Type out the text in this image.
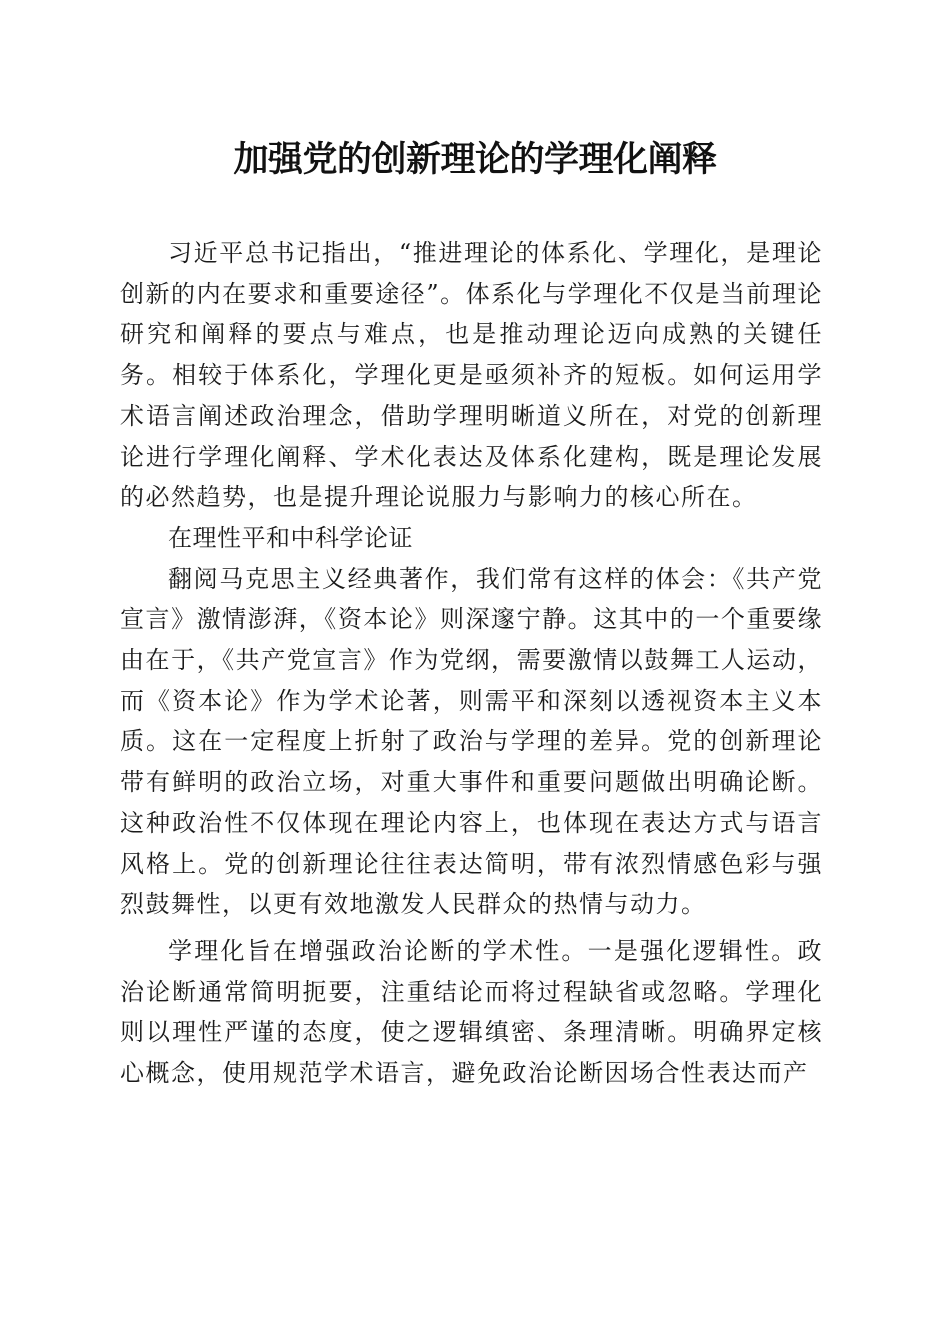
加强党的创新理论的学理化阐释

习近平总书记指出，“推进理论的体系化、学理化，是理论创新的内在要求和重要途径”。体系化与学理化不仅是当前理论研究和阐释的要点与难点，也是推动理论迈向成熟的关键任务。相较于体系化，学理化更是亟须补齐的短板。如何运用学术语言阐述政治理念，借助学理明晰道义所在，对党的创新理论进行学理化阐释、学术化表达及体系化建构，既是理论发展的必然趋势，也是提升理论说服力与影响力的核心所在。

在理性平和中科学论证

翻阅马克思主义经典著作，我们常有这样的体会：《共产党宣言》激情澎湃，《资本论》则深邃宁静。这其中的一个重要缘由在于，《共产党宣言》作为党纲，需要激情以鼓舞工人运动，而《资本论》作为学术论著，则需平和深刻以透视资本主义本质。这在一定程度上折射了政治与学理的差异。党的创新理论带有鲜明的政治立场，对重大事件和重要问题做出明确论断。这种政治性不仅体现在理论内容上，也体现在表达方式与语言风格上。党的创新理论往往表达简明，带有浓烈情感色彩与强烈鼓舞性，以更有效地激发人民群众的热情与动力。

学理化旨在增强政治论断的学术性。一是强化逻辑性。政治论断通常简明扼要，注重结论而将过程缺省或忽略。学理化则以理性严谨的态度，使之逻辑缜密、条理清晰。明确界定核心概念，使用规范学术语言，避免政治论断因场合性表达而产
